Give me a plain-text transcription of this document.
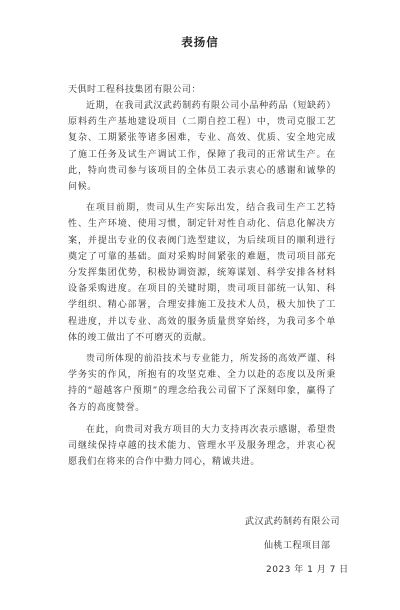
表扬信
天俱时工程科技集团有限公司：

近期，在我司武汉武药制药有限公司小品种药品（短缺药）原料药生产基地建设项目（二期自控工程）中，贵司克服工艺复杂、工期紧张等诸多困难，专业、高效、优质、安全地完成了施工任务及试生产调试工作，保障了我司的正常试生产。在此，特向贵司参与该项目的全体员工表示衷心的感谢和诚挚的问候。

在项目前期，贵司从生产实际出发，结合我司生产工艺特性、生产环境、使用习惯，制定针对性自动化、信息化解决方案，并提出专业的仪表阀门选型建议，为后续项目的顺利进行奠定了可靠的基础。面对采购时间紧张的难题，贵司项目部充分发挥集团优势，积极协调资源，统筹谋划、科学安排各材料设备采购进度。在项目的关键时期，贵司项目部统一认知、科学组织、精心部署，合理安排施工及技术人员，极大加快了工程进度，并以专业、高效的服务质量贯穿始终，为我司多个单体的竣工做出了不可磨灭的贡献。

贵司所体现的前沿技术与专业能力，所发扬的高效严谨、科学务实的作风，所抱有的攻坚克难、全力以赴的态度以及所秉持的“超越客户预期”的理念给我公司留下了深刻印象，赢得了各方的高度赞誉。

在此，向贵司对我方项目的大力支持再次表示感谢，希望贵司继续保持卓越的技术能力、管理水平及服务理念，并衷心祝愿我们在将来的合作中勠力同心，精诚共进。

武汉武药制药有限公司
仙桃工程项目部
2023 年 1 月 7 日
